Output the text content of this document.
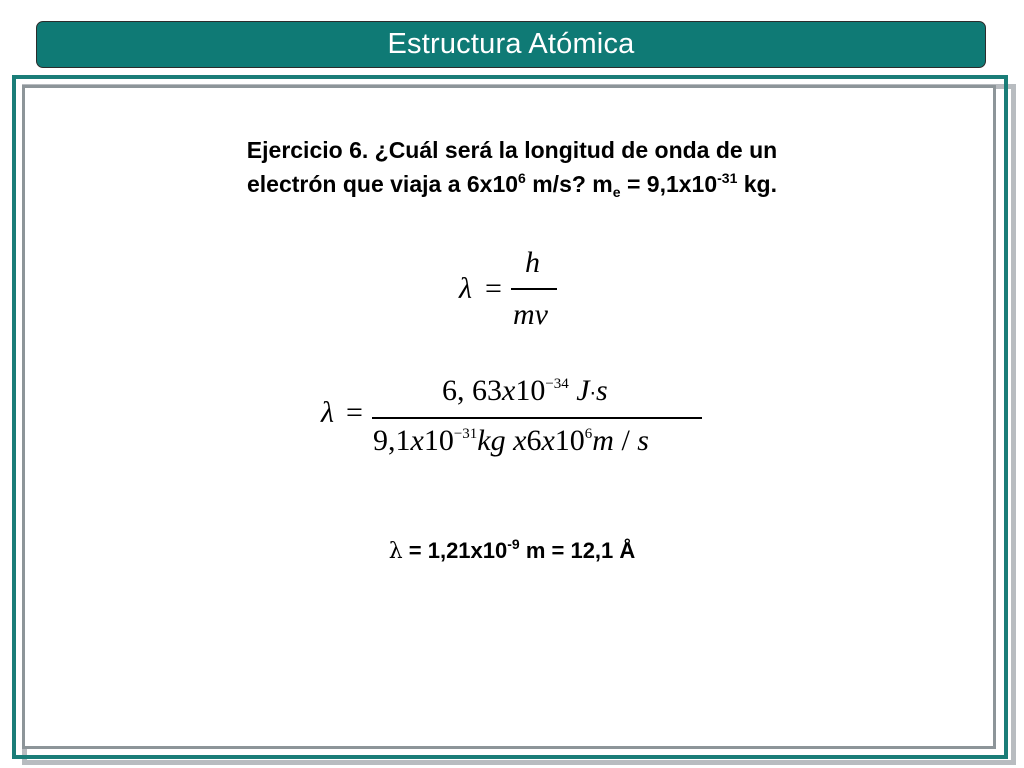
Estructura Atómica
Ejercicio 6. ¿Cuál será la longitud de onda de un
electrón que viaja a $6x10^6$ m/s? $m_e = 9,1x10^{-31}$ kg.
λ =
h
mv
λ =
6, $63x10^{-34}$ J⋅s
$9,1x10^{-31}kg$ $x6x10^6m$ / s
$\lambda = 1,21x10^{-9}$ m = 12,1 Å
